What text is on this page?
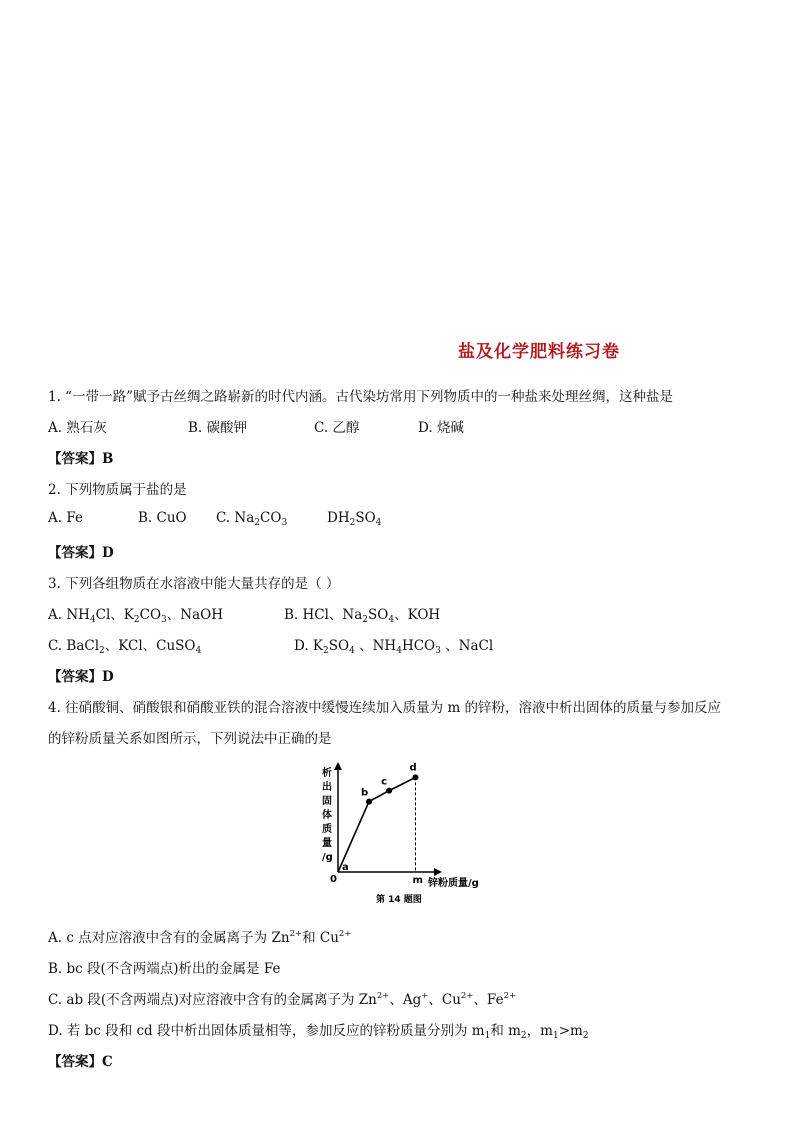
盐及化学肥料练习卷
1. “一带一路”赋予古丝绸之路崭新的时代内涵。古代染坊常用下列物质中的一种盐来处理丝绸，这种盐是
A. 熟石灰	B. 碳酸钾	C. 乙醇	D. 烧碱
【答案】B
2. 下列物质属于盐的是
A. Fe	B. CuO C. $Na_2CO_3$	$DH_2SO_4$
【答案】D
3. 下列各组物质在水溶液中能大量共存的是（ ）
A. $NH_4Cl$、$K_2CO_3$、NaOH	B. HCl、$Na_2SO_4$、KOH
C. BaCl$_2$、KCl、CuSO$_4$	D. $K_2SO_4$ 、$NH_4HCO_3$ 、NaCl
【答案】D
4. 往硝酸铜、硝酸银和硝酸亚铁的混合溶液中缓慢连续加入质量为 m 的锌粉，溶液中析出固体的质量与参加反应
的锌粉质量关系如图所示，下列说法中正确的是
析
出
固
体
质
量
/g
0	锌粉质量/g
第 14 题图
m
a
b
c
d
A. c 点对应溶液中含有的金属离子为 $Zn^{2+}$和 $Cu^{2+}$
B. bc 段(不含两端点)析出的金属是 Fe
C. ab 段(不含两端点)对应溶液中含有的金属离子为 $Zn^{2+}$、Ag+、$Cu^{2+}$、$Fe^{2+}$
D. 若 bc 段和 cd 段中析出固体质量相等，参加反应的锌粉质量分别为 $m_1$和 $m_2$，$m_1>m_2$
【答案】C
